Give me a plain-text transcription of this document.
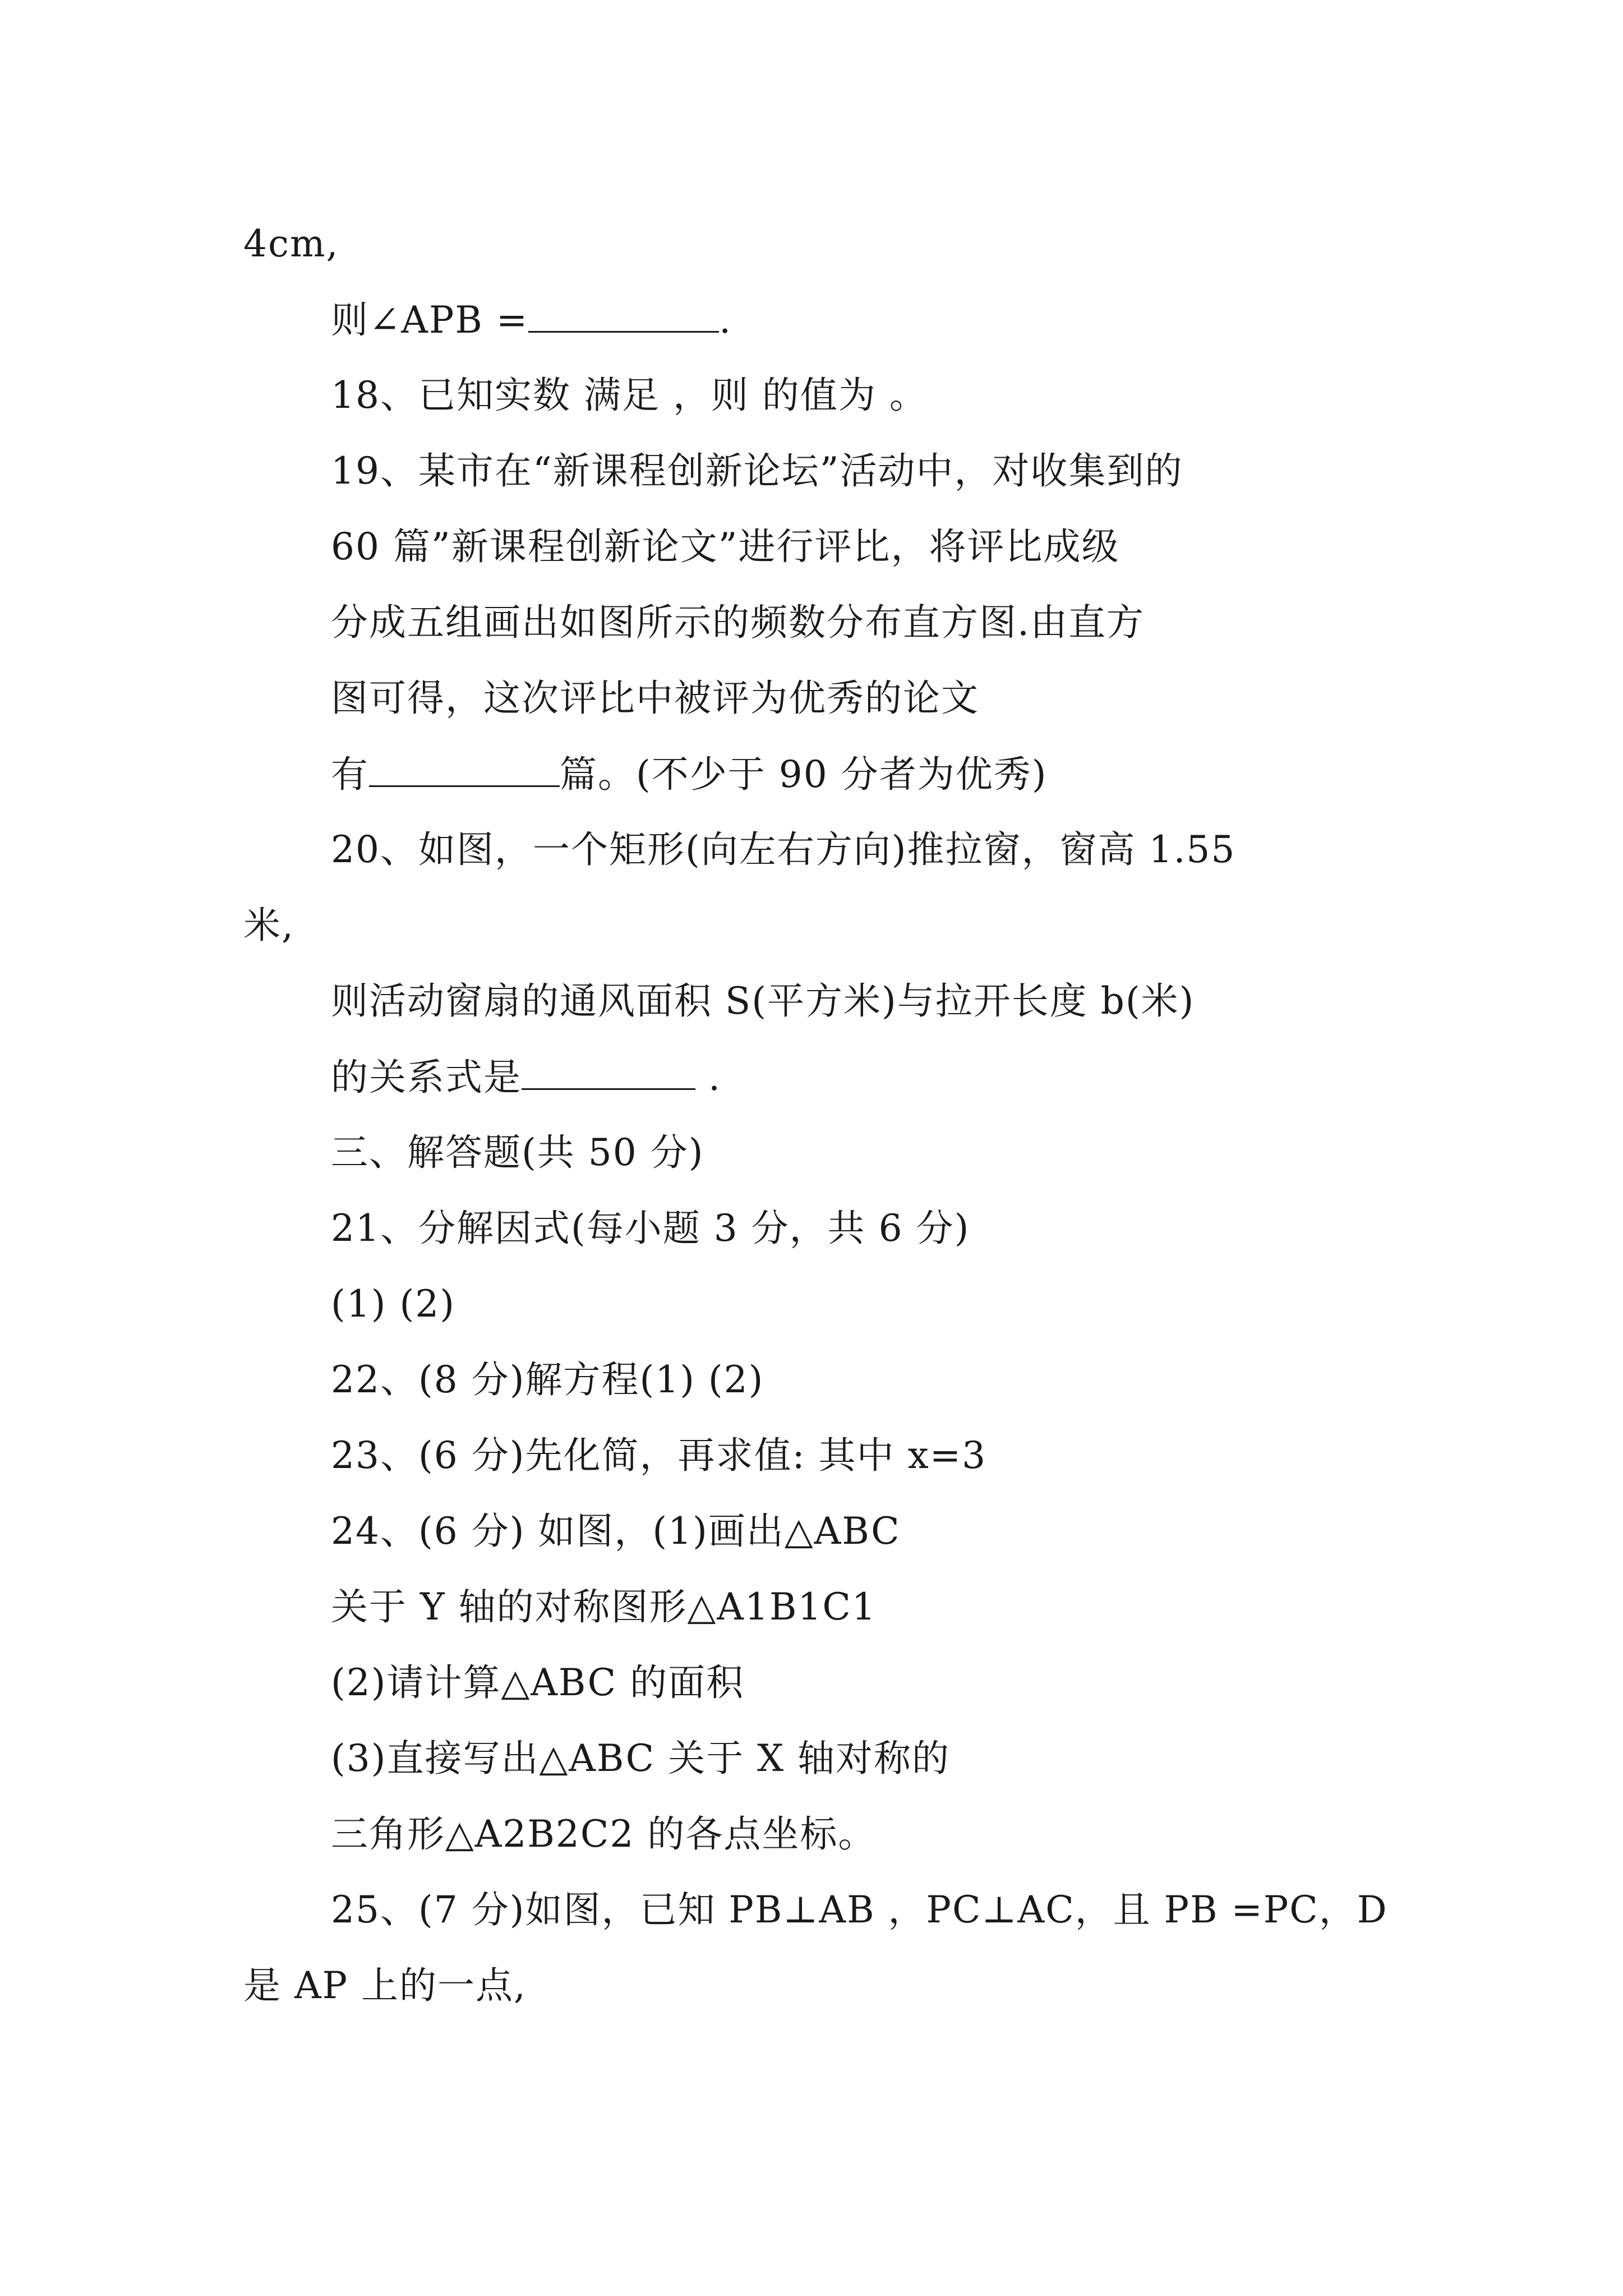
4cm,
则∠APB =	.
18、已知实数 满足 ，则 的值为 。
19、某市在“新课程创新论坛”活动中，对收集到的
60 篇”新课程创新论文”进行评比，将评比成级
分成五组画出如图所示的频数分布直方图.由直方
图可得，这次评比中被评为优秀的论文
有	篇。(不少于 90 分者为优秀)
20、如图，一个矩形(向左右方向)推拉窗，窗高 1.55
米,
则活动窗扇的通风面积 S(平方米)与拉开长度 b(米)
的关系式是	.
三、解答题(共 50 分)
21、分解因式(每小题 3 分，共 6 分)
(1) (2)
22、(8 分)解方程(1) (2)
23、(6 分)先化简，再求值: 其中 x=3
24、(6 分) 如图，(1)画出△ABC
关于 Y 轴的对称图形△A1B1C1
(2)请计算△ABC 的面积
(3)直接写出△ABC 关于 X 轴对称的
三角形△A2B2C2 的各点坐标。
25、(7 分)如图，已知 PB⊥AB ，PC⊥AC，且 PB =PC，D
是 AP 上的一点,
